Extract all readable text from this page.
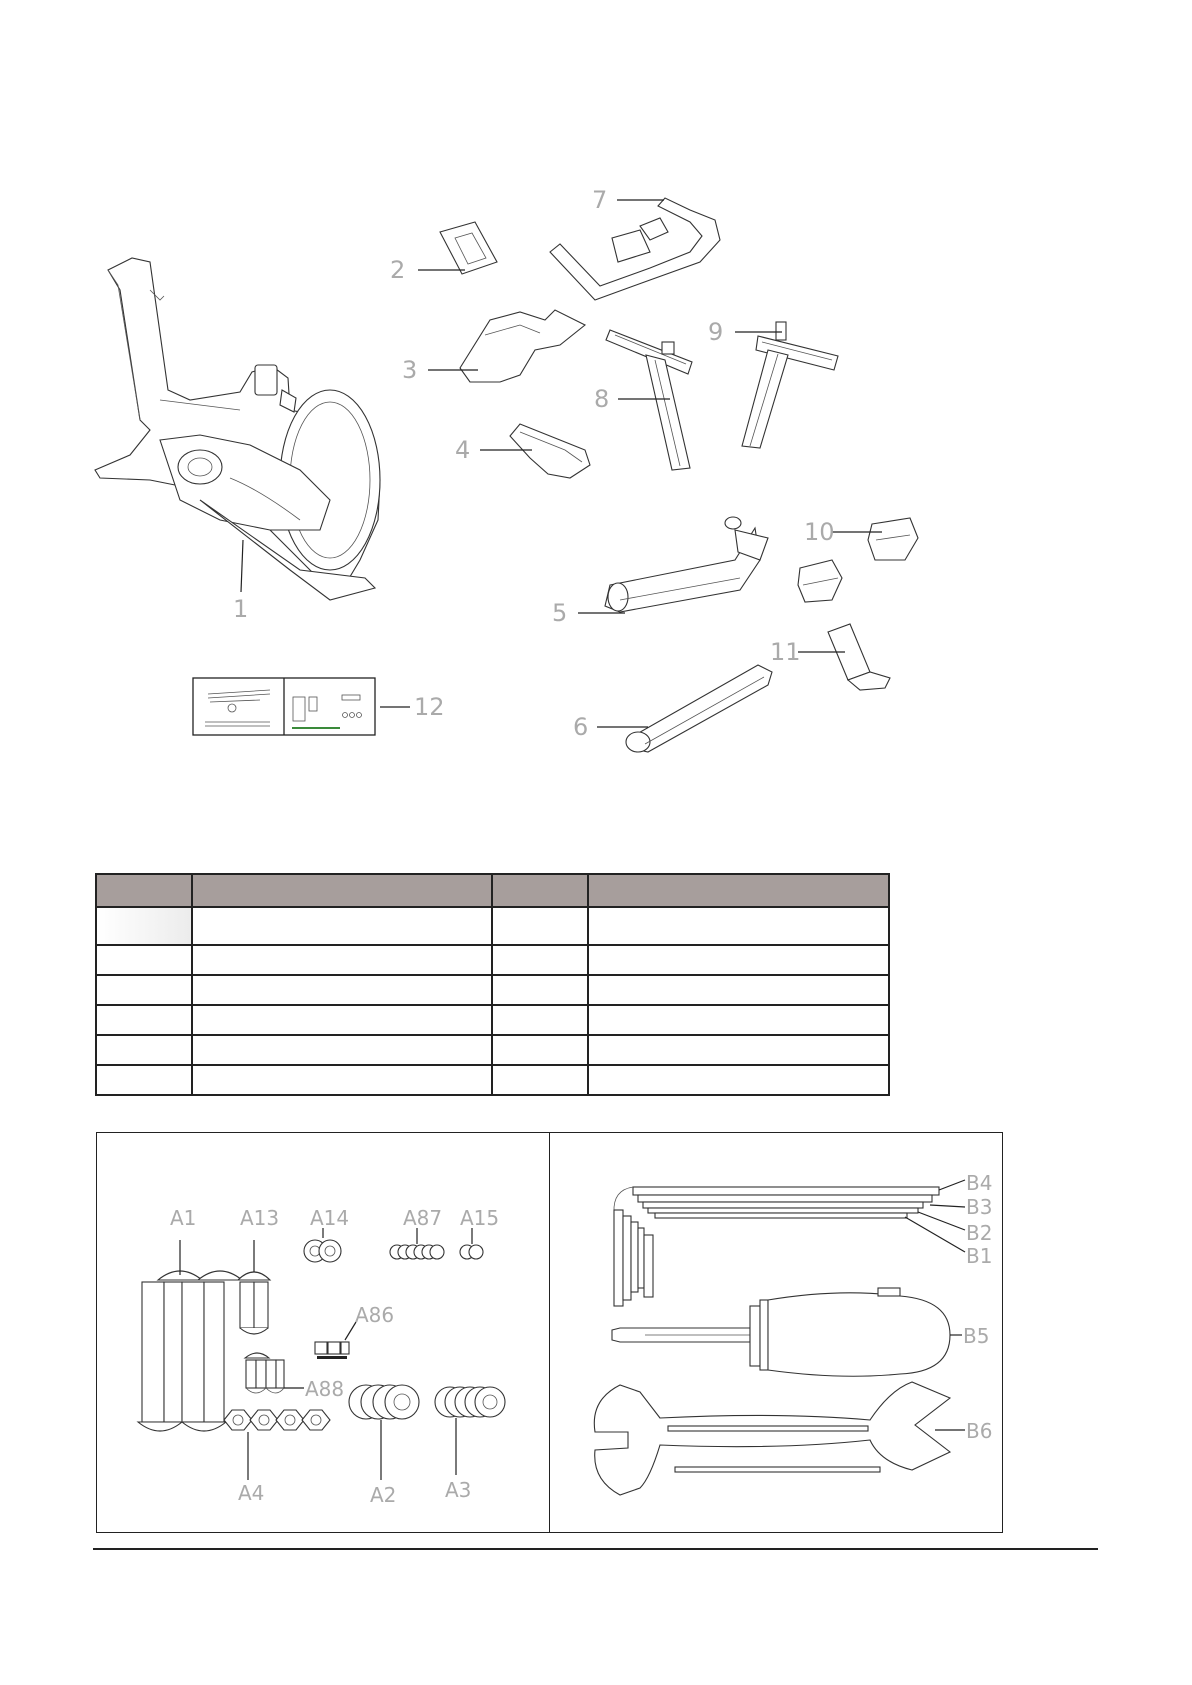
1
2
7
3
8
9
4
5
10
11
6
12

A1 A13 A14	A87 A15
A86
A88
A4	A2 A3
B4
B3
B2
B1
B5
B6
